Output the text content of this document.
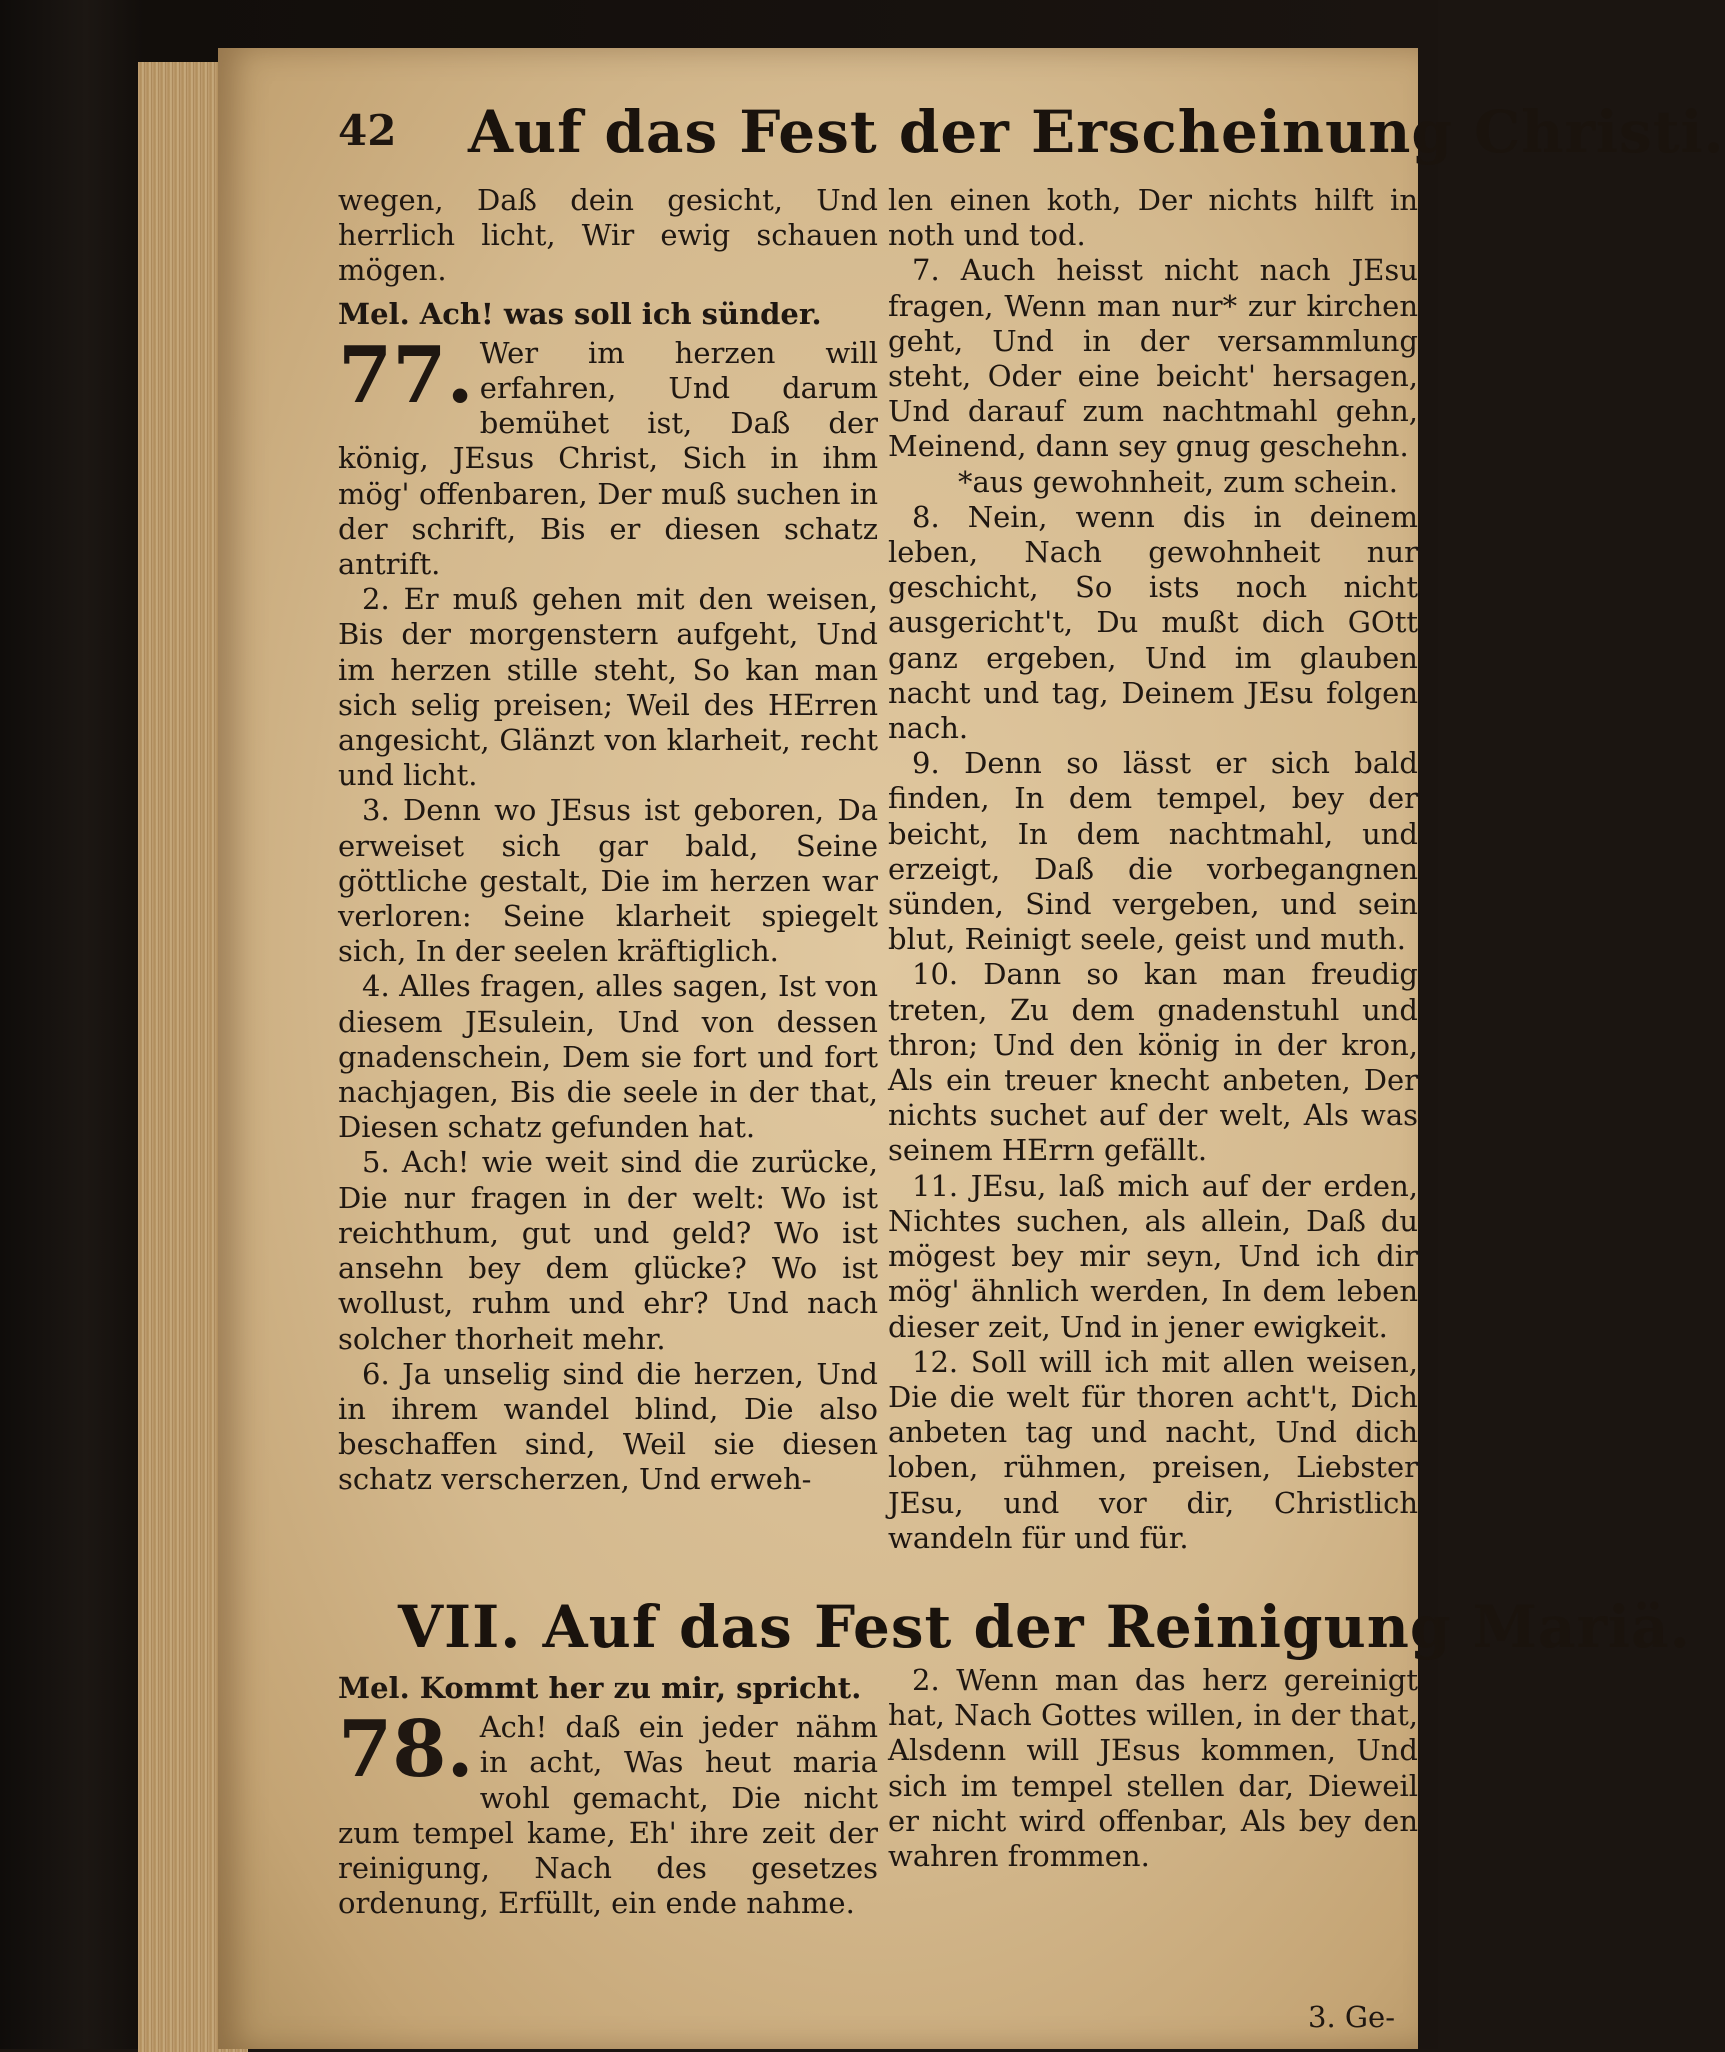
42 Auf das Fest der Erscheinung Christi.

wegen, Daß dein gesicht, Und herrlich licht, Wir ewig schauen mögen.

Mel. Ach! was soll ich sünder.

77. Wer im herzen will erfahren, Und darum bemühet ist, Daß der könig, JEsus Christ, Sich in ihm mög' offenbaren, Der muß suchen in der schrift, Bis er diesen schatz antrift.

2. Er muß gehen mit den weisen, Bis der morgenstern aufgeht, Und im herzen stille steht, So kan man sich selig preisen; Weil des HErren angesicht, Glänzt von klarheit, recht und licht.

3. Denn wo JEsus ist geboren, Da erweiset sich gar bald, Seine göttliche gestalt, Die im herzen war verloren: Seine klarheit spiegelt sich, In der seelen kräftiglich.

4. Alles fragen, alles sagen, Ist von diesem JEsulein, Und von dessen gnadenschein, Dem sie fort und fort nachjagen, Bis die seele in der that, Diesen schatz gefunden hat.

5. Ach! wie weit sind die zurücke, Die nur fragen in der welt: Wo ist reichthum, gut und geld? Wo ist ansehn bey dem glücke? Wo ist wollust, ruhm und ehr? Und nach solcher thorheit mehr.

6. Ja unselig sind die herzen, Und in ihrem wandel blind, Die also beschaffen sind, Weil sie diesen schatz verscherzen, Und erweh-

len einen koth, Der nichts hilft in noth und tod.

7. Auch heisst nicht nach JEsu fragen, Wenn man nur* zur kirchen geht, Und in der versammlung steht, Oder eine beicht' hersagen, Und darauf zum nachtmahl gehn, Meinend, dann sey gnug geschehn.

*aus gewohnheit, zum schein.

8. Nein, wenn dis in deinem leben, Nach gewohnheit nur geschicht, So ists noch nicht ausgericht't, Du mußt dich GOtt ganz ergeben, Und im glauben nacht und tag, Deinem JEsu folgen nach.

9. Denn so lässt er sich bald finden, In dem tempel, bey der beicht, In dem nachtmahl, und erzeigt, Daß die vorbegangnen sünden, Sind vergeben, und sein blut, Reinigt seele, geist und muth.

10. Dann so kan man freudig treten, Zu dem gnadenstuhl und thron; Und den könig in der kron, Als ein treuer knecht anbeten, Der nichts suchet auf der welt, Als was seinem HErrn gefällt.

11. JEsu, laß mich auf der erden, Nichtes suchen, als allein, Daß du mögest bey mir seyn, Und ich dir mög' ähnlich werden, In dem leben dieser zeit, Und in jener ewigkeit.

12. Soll will ich mit allen weisen, Die die welt für thoren acht't, Dich anbeten tag und nacht, Und dich loben, rühmen, preisen, Liebster JEsu, und vor dir, Christlich wandeln für und für.

VII. Auf das Fest der Reinigung Mariä.

Mel. Kommt her zu mir, spricht.

78. Ach! daß ein jeder nähm in acht, Was heut maria wohl gemacht, Die nicht zum tempel kame, Eh' ihre zeit der reinigung, Nach des gesetzes ordenung, Erfüllt, ein ende nahme.

2. Wenn man das herz gereinigt hat, Nach Gottes willen, in der that, Alsdenn will JEsus kommen, Und sich im tempel stellen dar, Dieweil er nicht wird offenbar, Als bey den wahren frommen.

3. Ge-
